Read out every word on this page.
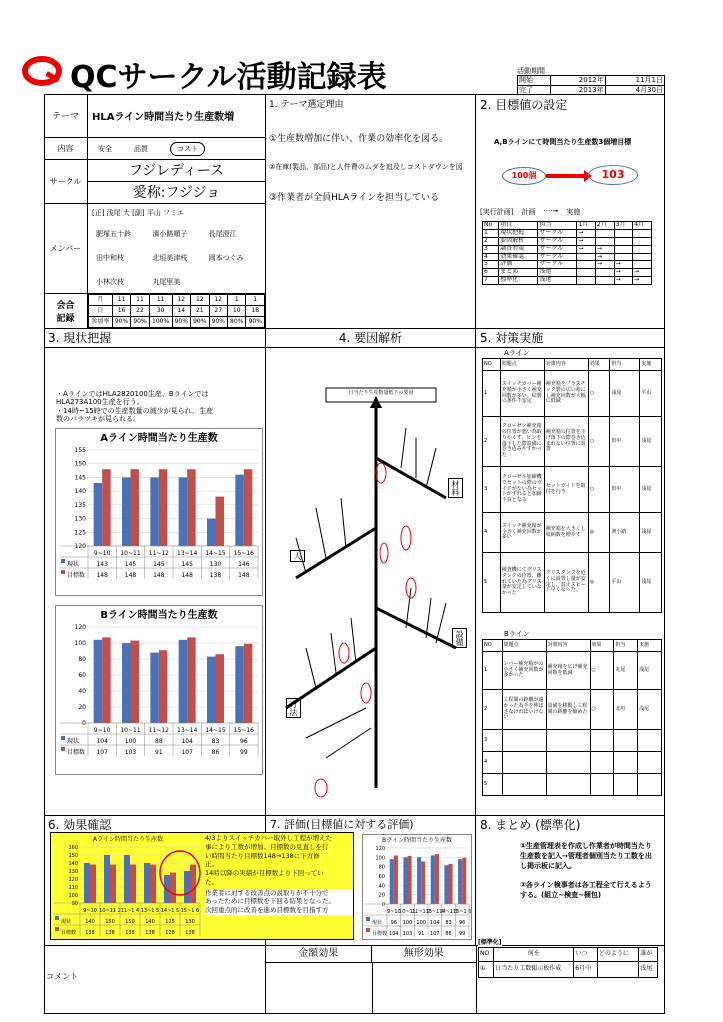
QCサークル活動記録表	活動期間
開始	2012年	11月1日
完了	2013年	4月30日
テーマ	HLAライン時間当たり生産数増
内容	安全	品質	コスト
サークル
フジレディース
愛称:フジジョ
メンバー
[正] 浅尾 大 [副] 平山 フミエ
肥塚五十鈴	濱小路順子	長尾澄江
田中和枝	北垣美津枝	岡本つぐみ
小林次枝	丸尾里美
会合
記録
月	11	11	11	12	12	12	1	1
日	16	22	30	14	21	27	10	18
参加率	90%	90%	100%	90%	90%	90%	80%	90%
1. テーマ選定理由
①生産数増加に伴い、作業の効率化を図る。
②在庫(製品、部品)と人件費のムダを追及しコストダウンを図
③作業者が全員HLAラインを担当している
2. 目標値の設定
A,Bラインにて時間当たり生産数3個増目標
100個	103
[実行計画] 計画 ····→ 実施
No	項目	担当	1月	2月	3月	4月
1	現状把握	サークル	→			
2	要因解析	サークル	→			
3	調査対策	サークル	→	→		
4	効果確認	サークル		→		
5	評価	サークル		→	→	
6	まとめ	浅尾			→	→
7	標準化	浅尾			→	→
3. 現状把握
・AラインではHLA2820100生産、Bラインでは
HLA273A100生産を行う。
・14時~15時での生産数量の減少が見られ、生産
数のバラツキが見られる。
Aライン時間当たり生産数
120
125
130
135
140
145
150
155
9~10 10~11 11~12 13~14 14~15 15~16
現状	143	145	145	145	130	146
目標数 148	148	148	148	138	148
Bライン時間当たり生産数
0
20
40
60
80
100
120
9~10 10~11 11~12 13~14 14~15 15~16
現状	104	100	88	104	83	96
目標数 107	103	91	107	86	99
4. 要因解析
日当たり生産数量低下の要因
材料
設備
方法
人
5. 対策実施
Aライン
NO	問題点	対策内容	効果	担当	実施
1	スイッチカバー補充箱が小さく補充回数が多い。結製の条件不安定	補充箱をプラスチック製の広い箱にし補充回数が大幅に低減	○	浅尾	平山
2	クローゼン補充箱の位置が悪い為取りやくす、ビンを落下した際設備に巻き込みやすかった	補充箱の位置を下げ落下の際巻き込まれない位置に設置	○	田中	浅尾
3	クローゼル加締機でセットの際のガイドがない為セットがずれると加締不良となる	セットガイドを取付を行う	○	田中	浅尾
4	スイッチ補充箱が小さく補充回数が多い	補充箱を大きくし収納数を増やす	◎	濱小路	浅尾
5	検査機にてグリスタンクの位置、離れていた為グリス量が安定していなかった	グリスタンクを近くに設置し量が安定し、封止スピード早くなった。	◎	平山	浅尾
Bライン
NO	問題点	対策内容	効果	担当	実施
1	レバー補充箱がの小さく補充回数が多かった	補充箱を広げ補充回数を低減	○	丸尾	浅尾
2	工程間の距離が遠かった為手を伸ばさなければいけない	設備を移動し工程間の距離を縮めた	○	北垣	浅尾
3					
4					
5					
6. 効果確認
Aライン時間当たり生産数
90
100
110
120
130
140
150
160
9~10 10~11 2 11~1 4 13~1 5 14~1 5 15~1 6
現状	140 150 150 140 125 130
目標数 138 138 138 138 128 138
4/3よりスイッチカバー取外し工程が増えた
事により工数が増加。目標数の見直しを行
い時間当たり目標数148→138に下方修
正。
14時以降の実績が目標数より下回ってい
た。
作業者に対する改善点の説取りが不十分で
あったために目標数を下回る結果となった。
次回重点的に改善を進め目標数を目指す方
7. 評価(目標値に対する評価)
Bライン時間当たり生産数
0
20
40
60
80
100
120
9~10
10~11
11~1 2
13~1 4
14~1 5
15~1 6
現状 96 100 100 104 83 96
目標数 104 103 91 107 86 99
8. まとめ (標準化)
①生産管理表を作成し作業者が時間当たり生産数を記入→管理者個別当たり工数を出し掲示板に記入。
②各ライン検事者は各工程全て行えるようする。(組立~検査~梱包)
コメント
金額効果	無形効果
[標準化]
NO	何を	いつ	どのように	誰が
①	日当たり工数掲示板作成	6月中		浅尾
